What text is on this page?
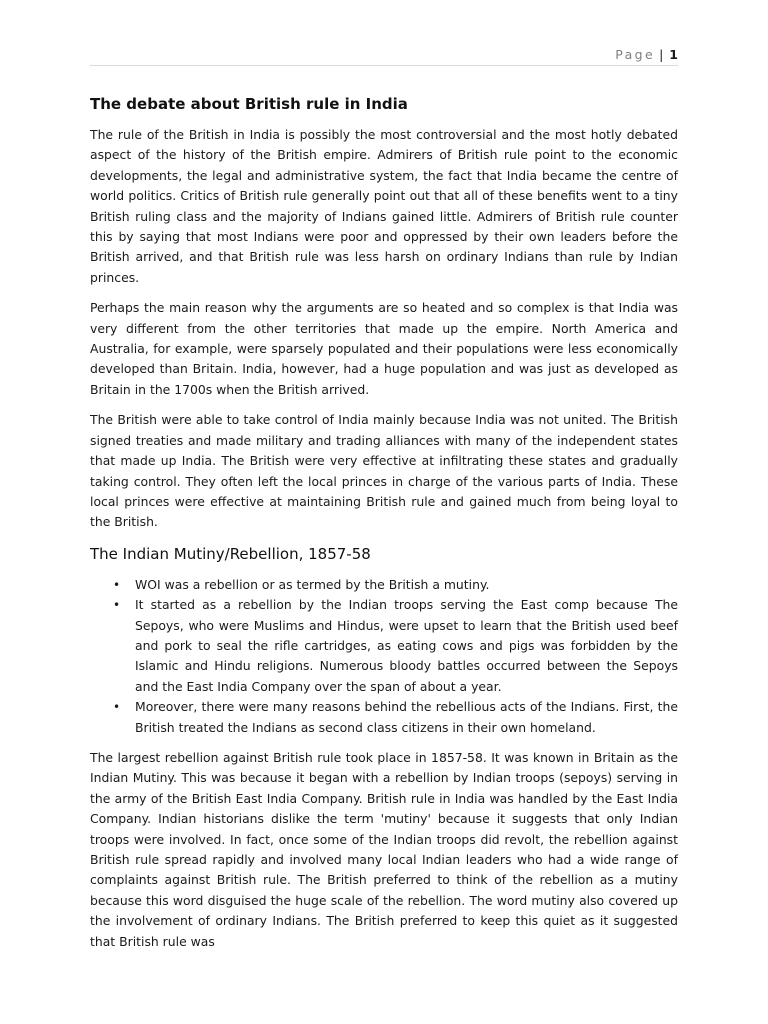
Page | 1
The debate about British rule in India

The rule of the British in India is possibly the most controversial and the most hotly debated aspect of the history of the British empire. Admirers of British rule point to the economic developments, the legal and administrative system, the fact that India became the centre of world politics. Critics of British rule generally point out that all of these benefits went to a tiny British ruling class and the majority of Indians gained little. Admirers of British rule counter this by saying that most Indians were poor and oppressed by their own leaders before the British arrived, and that British rule was less harsh on ordinary Indians than rule by Indian princes.

Perhaps the main reason why the arguments are so heated and so complex is that India was very different from the other territories that made up the empire. North America and Australia, for example, were sparsely populated and their populations were less economically developed than Britain. India, however, had a huge population and was just as developed as Britain in the 1700s when the British arrived.

The British were able to take control of India mainly because India was not united. The British signed treaties and made military and trading alliances with many of the independent states that made up India. The British were very effective at infiltrating these states and gradually taking control. They often left the local princes in charge of the various parts of India. These local princes were effective at maintaining British rule and gained much from being loyal to the British.

The Indian Mutiny/Rebellion, 1857-58
• WOI was a rebellion or as termed by the British a mutiny.
• It started as a rebellion by the Indian troops serving the East comp because The Sepoys, who were Muslims and Hindus, were upset to learn that the British used beef and pork to seal the rifle cartridges, as eating cows and pigs was forbidden by the Islamic and Hindu religions. Numerous bloody battles occurred between the Sepoys and the East India Company over the span of about a year.
• Moreover, there were many reasons behind the rebellious acts of the Indians. First, the British treated the Indians as second class citizens in their own homeland.

The largest rebellion against British rule took place in 1857-58. It was known in Britain as the Indian Mutiny. This was because it began with a rebellion by Indian troops (sepoys) serving in the army of the British East India Company. British rule in India was handled by the East India Company. Indian historians dislike the term 'mutiny' because it suggests that only Indian troops were involved. In fact, once some of the Indian troops did revolt, the rebellion against British rule spread rapidly and involved many local Indian leaders who had a wide range of complaints against British rule. The British preferred to think of the rebellion as a mutiny because this word disguised the huge scale of the rebellion. The word mutiny also covered up the involvement of ordinary Indians. The British preferred to keep this quiet as it suggested that British rule was
